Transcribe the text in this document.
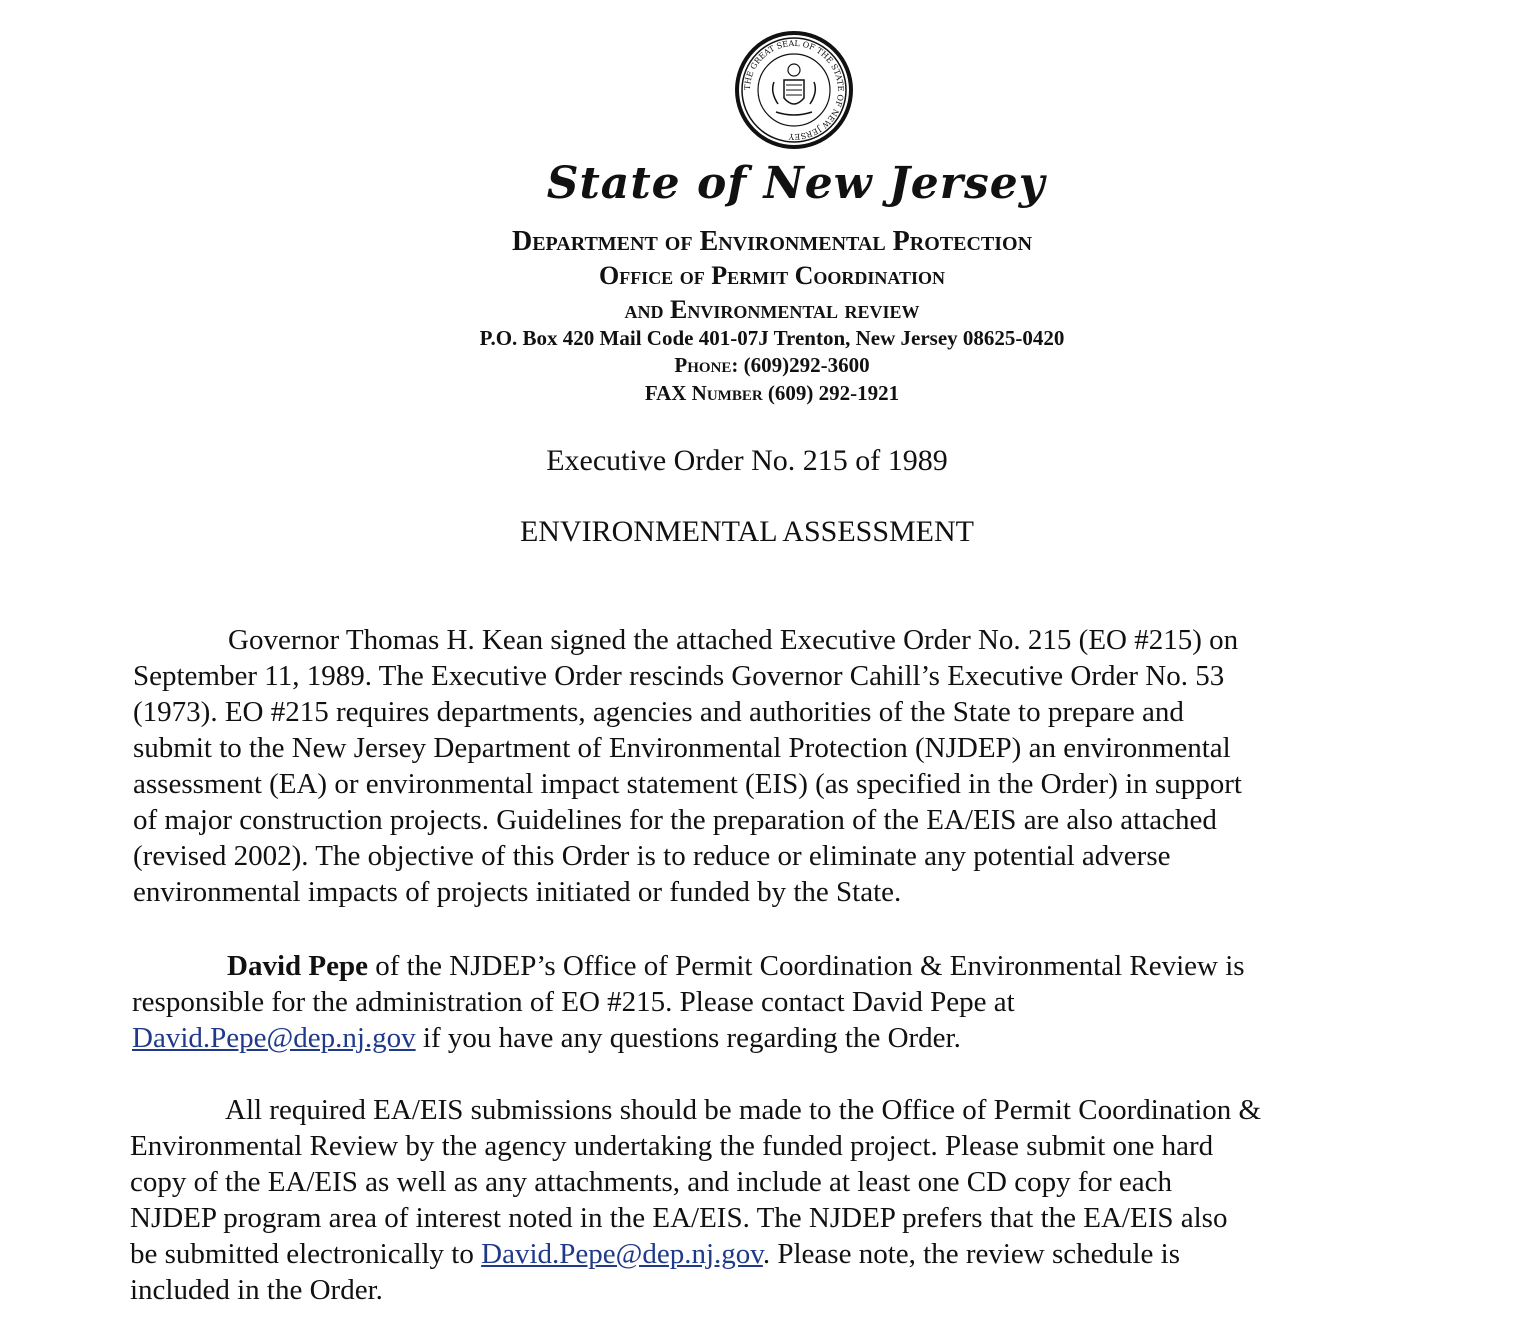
THE GREAT SEAL OF THE STATE OF NEW JERSEY
State of New Jersey
Department of Environmental Protection
Office of Permit Coordination
and Environmental review
P.O. Box 420 Mail Code 401-07J Trenton, New Jersey 08625-0420
Phone: (609)292-3600
FAX Number (609) 292-1921
Executive Order No. 215 of 1989
ENVIRONMENTAL ASSESSMENT

Governor Thomas H. Kean signed the attached Executive Order No. 215 (EO #215) on
September 11, 1989. The Executive Order rescinds Governor Cahill’s Executive Order No. 53
(1973). EO #215 requires departments, agencies and authorities of the State to prepare and
submit to the New Jersey Department of Environmental Protection (NJDEP) an environmental
assessment (EA) or environmental impact statement (EIS) (as specified in the Order) in support
of major construction projects. Guidelines for the preparation of the EA/EIS are also attached
(revised 2002). The objective of this Order is to reduce or eliminate any potential adverse
environmental impacts of projects initiated or funded by the State.

David Pepe of the NJDEP’s Office of Permit Coordination & Environmental Review is
responsible for the administration of EO #215. Please contact David Pepe at
David.Pepe@dep.nj.gov if you have any questions regarding the Order.

All required EA/EIS submissions should be made to the Office of Permit Coordination &
Environmental Review by the agency undertaking the funded project. Please submit one hard
copy of the EA/EIS as well as any attachments, and include at least one CD copy for each
NJDEP program area of interest noted in the EA/EIS. The NJDEP prefers that the EA/EIS also
be submitted electronically to David.Pepe@dep.nj.gov. Please note, the review schedule is
included in the Order.
